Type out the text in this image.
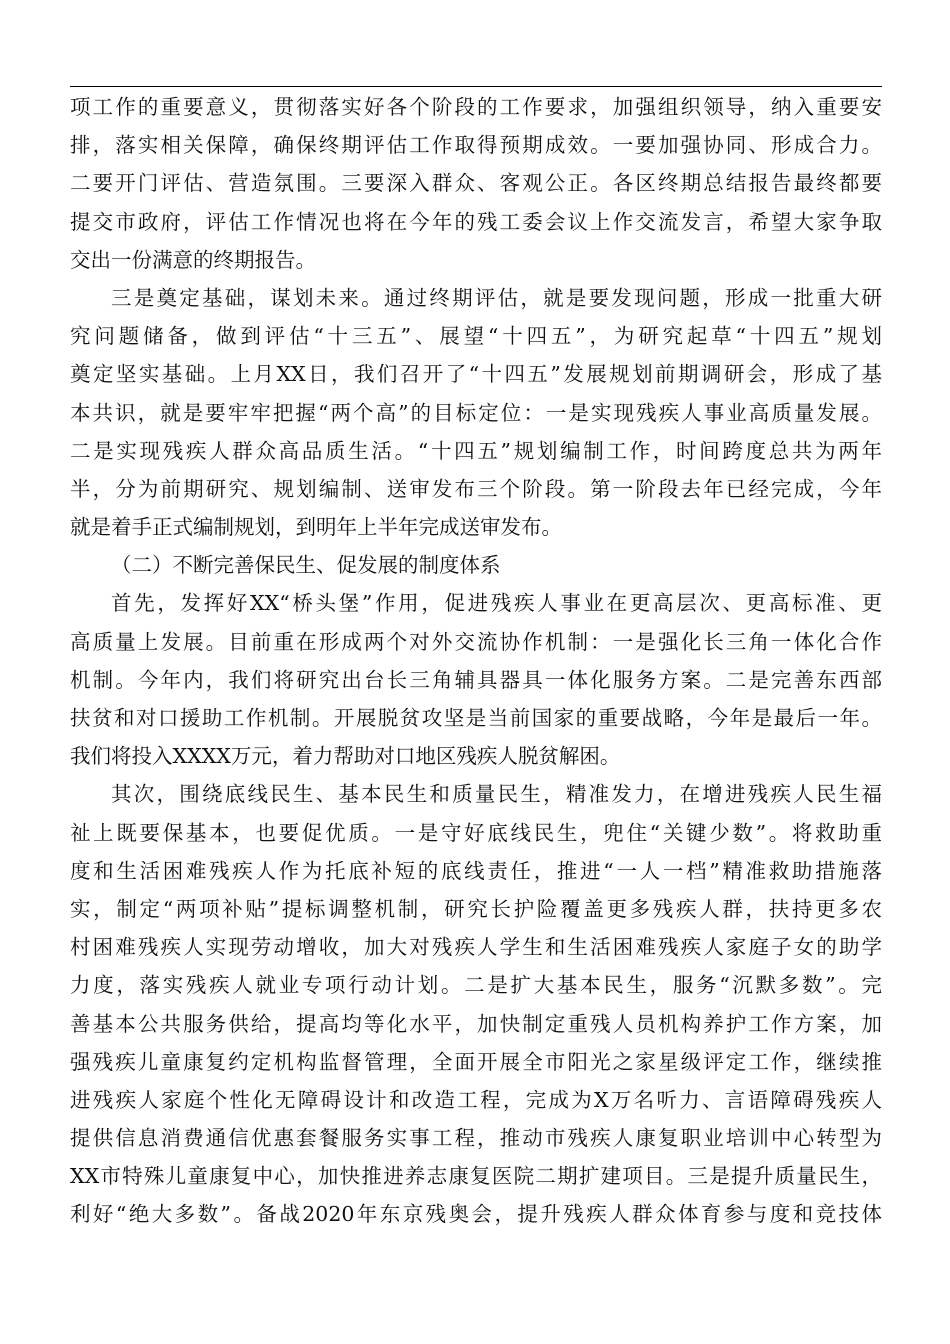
项工作的重要意义，贯彻落实好各个阶段的工作要求，加强组织领导，纳入重要安
排，落实相关保障，确保终期评估工作取得预期成效。一要加强协同、形成合力。
二要开门评估、营造氛围。三要深入群众、客观公正。各区终期总结报告最终都要
提交市政府，评估工作情况也将在今年的残工委会议上作交流发言，希望大家争取
交出一份满意的终期报告。
三是奠定基础，谋划未来。通过终期评估，就是要发现问题，形成一批重大研
究问题储备，做到评估“十三五”、展望“十四五”，为研究起草“十四五”规划
奠定坚实基础。上月XX日，我们召开了“十四五”发展规划前期调研会，形成了基
本共识，就是要牢牢把握“两个高”的目标定位：一是实现残疾人事业高质量发展。
二是实现残疾人群众高品质生活。“十四五”规划编制工作，时间跨度总共为两年
半，分为前期研究、规划编制、送审发布三个阶段。第一阶段去年已经完成，今年
就是着手正式编制规划，到明年上半年完成送审发布。
（二）不断完善保民生、促发展的制度体系
首先，发挥好XX“桥头堡”作用，促进残疾人事业在更高层次、更高标准、更
高质量上发展。目前重在形成两个对外交流协作机制：一是强化长三角一体化合作
机制。今年内，我们将研究出台长三角辅具器具一体化服务方案。二是完善东西部
扶贫和对口援助工作机制。开展脱贫攻坚是当前国家的重要战略，今年是最后一年。
我们将投入XXXX万元，着力帮助对口地区残疾人脱贫解困。
其次，围绕底线民生、基本民生和质量民生，精准发力，在增进残疾人民生福
祉上既要保基本，也要促优质。一是守好底线民生，兜住“关键少数”。将救助重
度和生活困难残疾人作为托底补短的底线责任，推进“一人一档”精准救助措施落
实，制定“两项补贴”提标调整机制，研究长护险覆盖更多残疾人群，扶持更多农
村困难残疾人实现劳动增收，加大对残疾人学生和生活困难残疾人家庭子女的助学
力度，落实残疾人就业专项行动计划。二是扩大基本民生，服务“沉默多数”。完
善基本公共服务供给，提高均等化水平，加快制定重残人员机构养护工作方案，加
强残疾儿童康复约定机构监督管理，全面开展全市阳光之家星级评定工作，继续推
进残疾人家庭个性化无障碍设计和改造工程，完成为X万名听力、言语障碍残疾人
提供信息消费通信优惠套餐服务实事工程，推动市残疾人康复职业培训中心转型为
XX市特殊儿童康复中心，加快推进养志康复医院二期扩建项目。三是提升质量民生，
利好“绝大多数”。备战2020年东京残奥会，提升残疾人群众体育参与度和竞技体
